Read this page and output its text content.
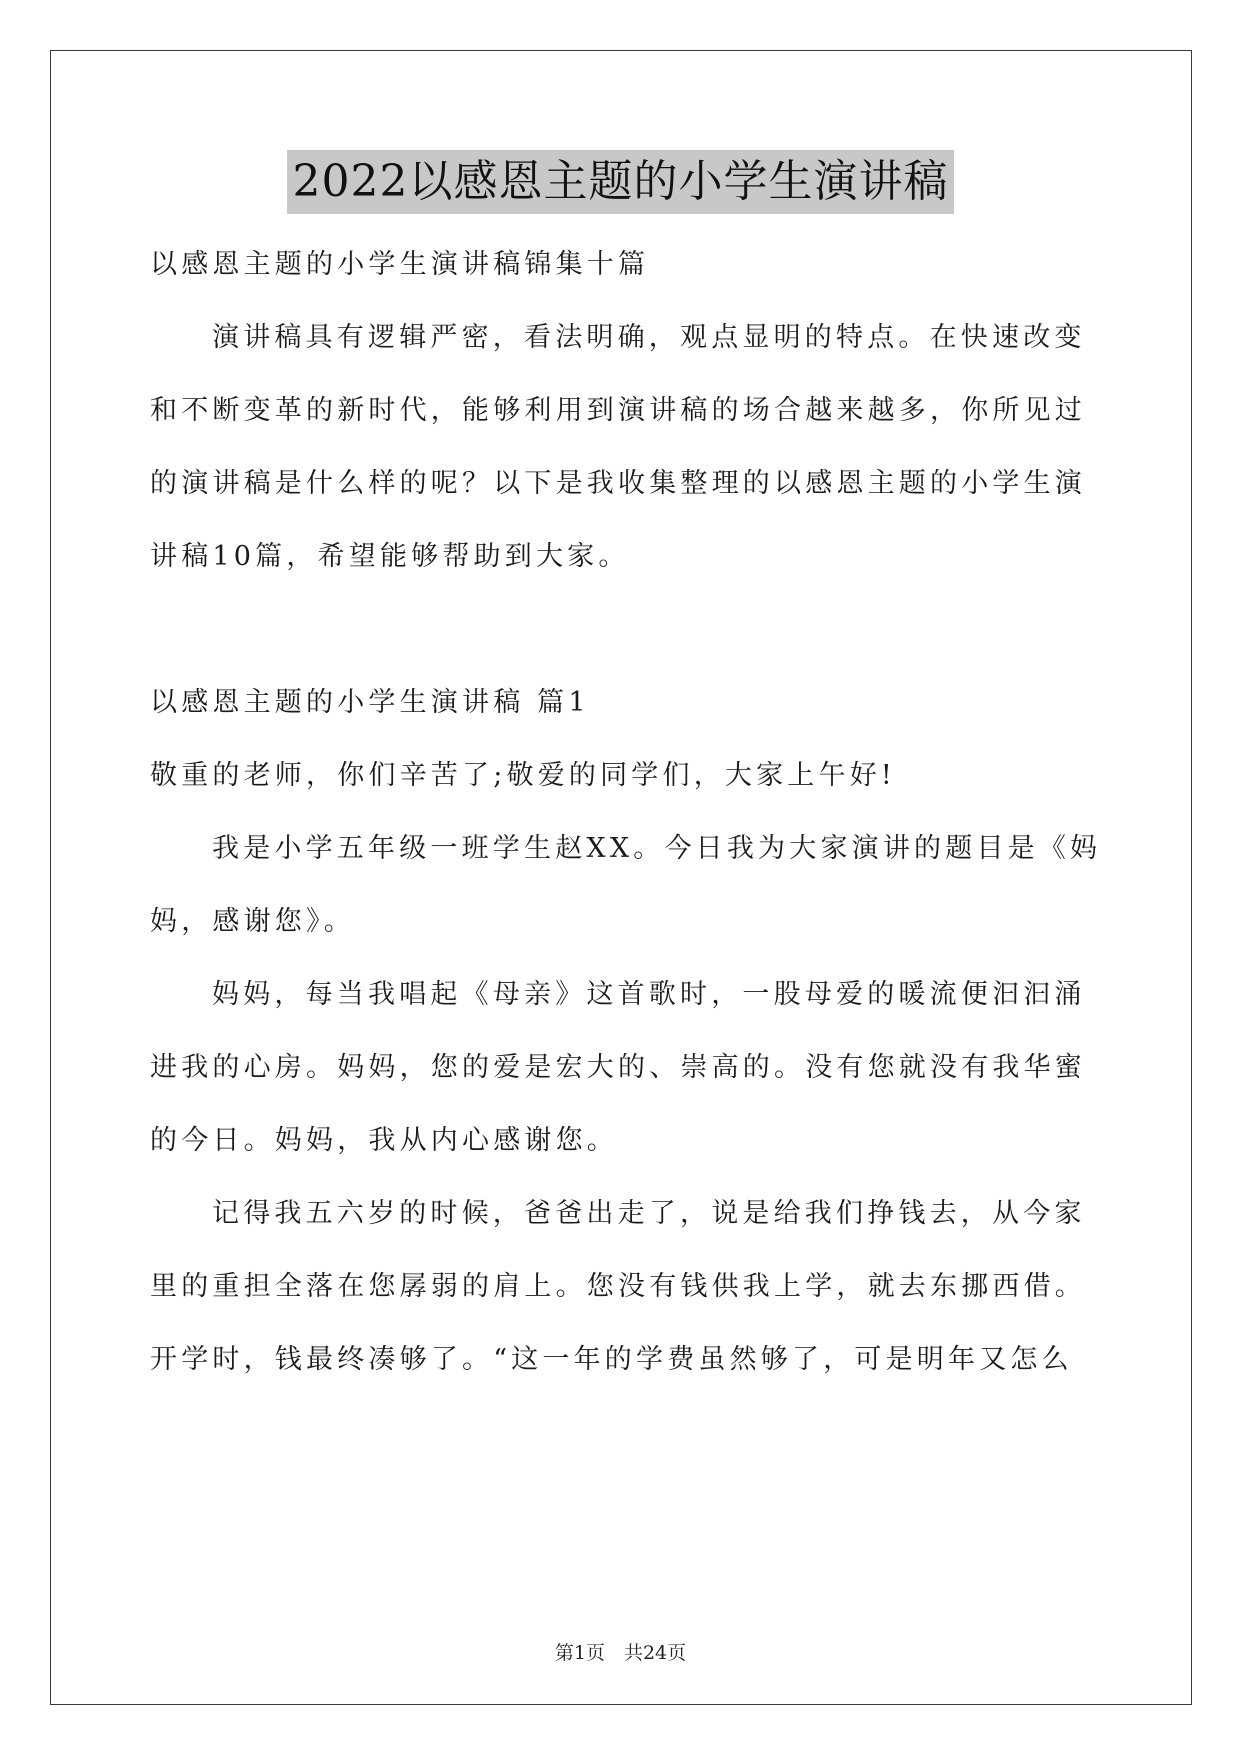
2022以感恩主题的小学生演讲稿
以感恩主题的小学生演讲稿锦集十篇
演讲稿具有逻辑严密，看法明确，观点显明的特点。在快速改变
和不断变革的新时代，能够利用到演讲稿的场合越来越多，你所见过
的演讲稿是什么样的呢？以下是我收集整理的以感恩主题的小学生演
讲稿10篇，希望能够帮助到大家。
以感恩主题的小学生演讲稿 篇1
敬重的老师，你们辛苦了;敬爱的同学们，大家上午好!
我是小学五年级一班学生赵XX。今日我为大家演讲的题目是《妈
妈，感谢您》。
妈妈，每当我唱起《母亲》这首歌时，一股母爱的暖流便汩汩涌
进我的心房。妈妈，您的爱是宏大的、崇高的。没有您就没有我华蜜
的今日。妈妈，我从内心感谢您。
记得我五六岁的时候，爸爸出走了，说是给我们挣钱去，从今家
里的重担全落在您孱弱的肩上。您没有钱供我上学，就去东挪西借。
开学时，钱最终凑够了。“这一年的学费虽然够了，可是明年又怎么
第1页　共24页
